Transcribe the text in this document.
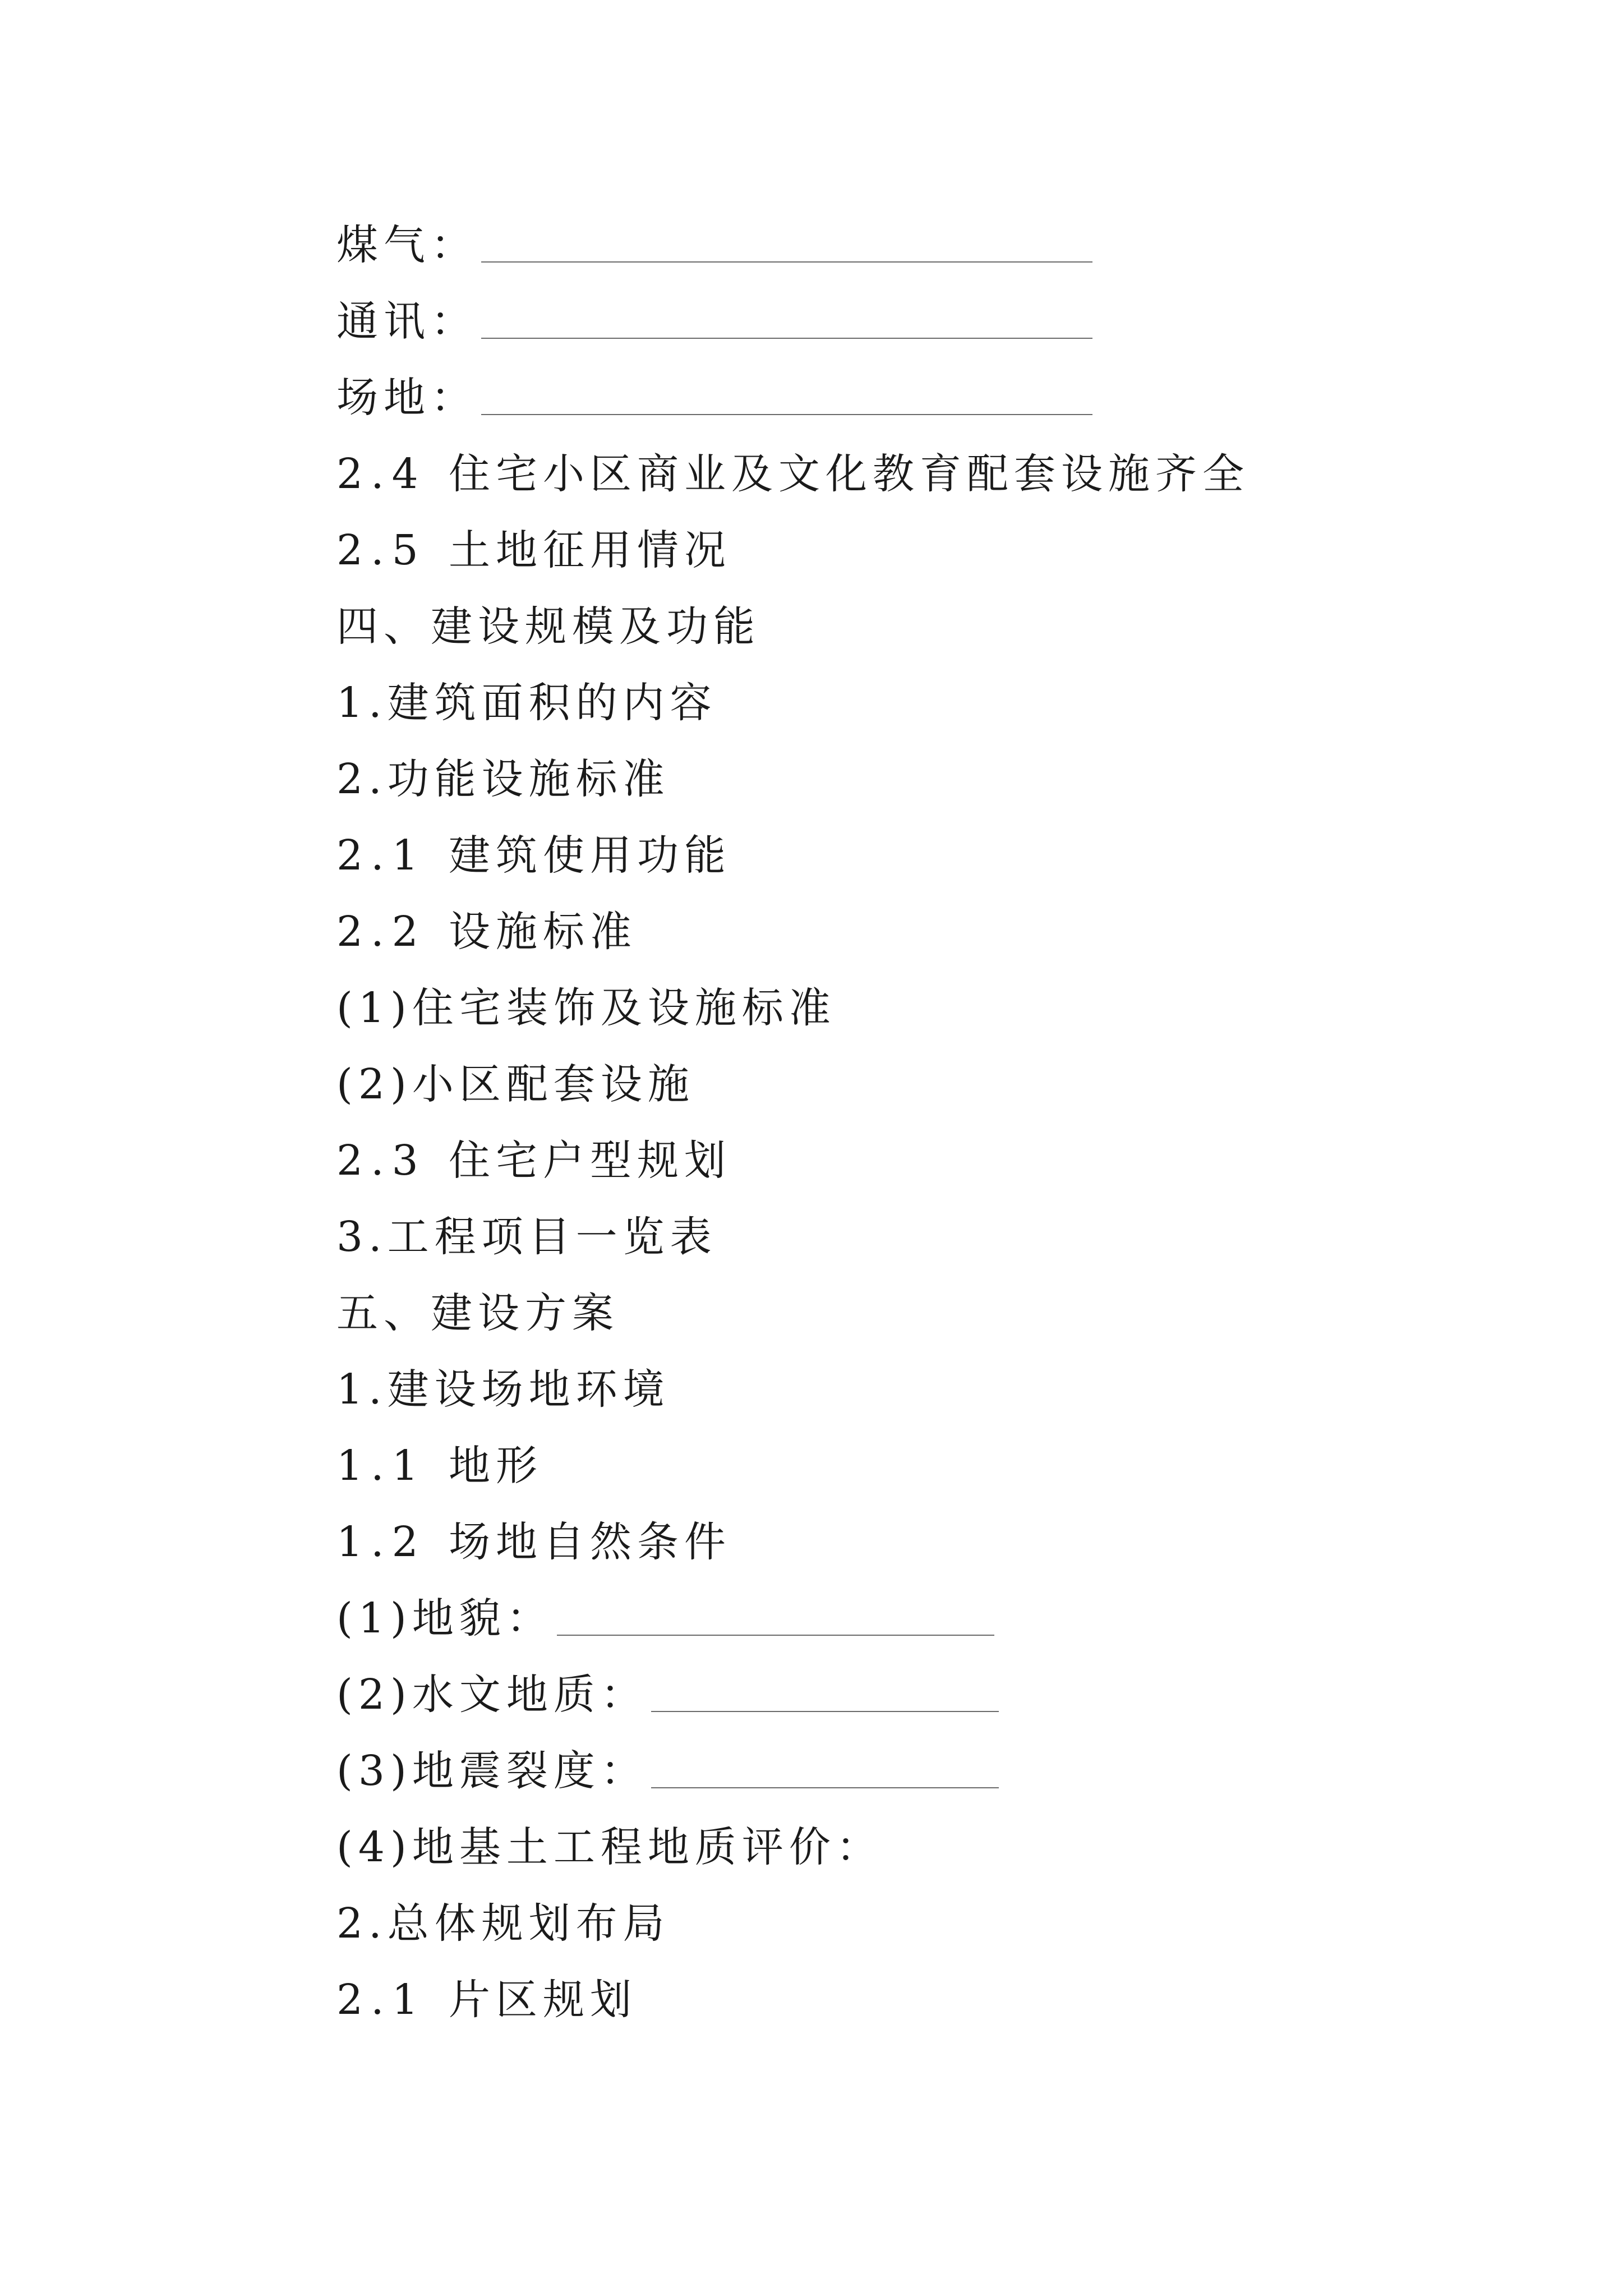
煤气：
通讯：
场地：
2.4 住宅小区商业及文化教育配套设施齐全
2.5 土地征用情况
四、建设规模及功能
1.建筑面积的内容
2.功能设施标准
2.1 建筑使用功能
2.2 设施标准
(1)住宅装饰及设施标准
(2)小区配套设施
2.3 住宅户型规划
3.工程项目一览表
五、建设方案
1.建设场地环境
1.1 地形
1.2 场地自然条件
(1)地貌：
(2)水文地质：
(3)地震裂度：
(4)地基土工程地质评价：
2.总体规划布局
2.1 片区规划
